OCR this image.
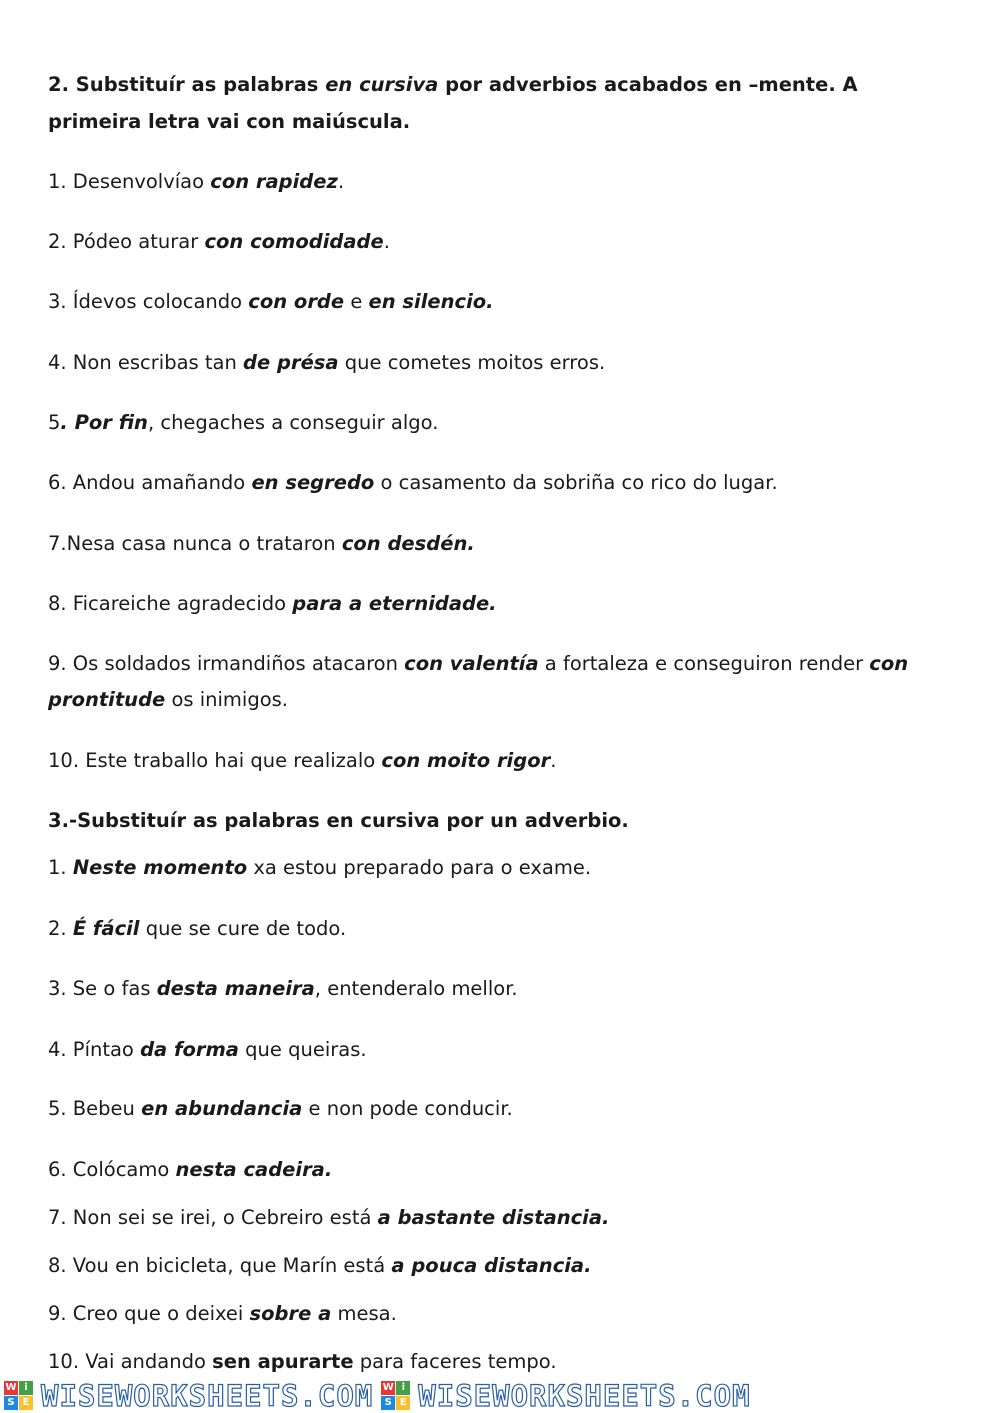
2. Substituír as palabras en cursiva por adverbios acabados en –mente. A
primeira letra vai con maiúscula.
1. Desenvolvíao con rapidez.
2. Pódeo aturar con comodidade.
3. Ídevos colocando con orde e en silencio.
4. Non escribas tan de présa que cometes moitos erros.
5. Por fin, chegaches a conseguir algo.
6. Andou amañando en segredo o casamento da sobriña co rico do lugar.
7.Nesa casa nunca o trataron con desdén.
8. Ficareiche agradecido para a eternidade.
9. Os soldados irmandiños atacaron con valentía a fortaleza e conseguiron render con
prontitude os inimigos.
10. Este traballo hai que realizalo con moito rigor.
3.-Substituír as palabras en cursiva por un adverbio.
1. Neste momento xa estou preparado para o exame.
2. É fácil que se cure de todo.
3. Se o fas desta maneira, entenderalo mellor.
4. Píntao da forma que queiras.
5. Bebeu en abundancia e non pode conducir.
6. Colócamo nesta cadeira.
7. Non sei se irei, o Cebreiro está a bastante distancia.
8. Vou en bicicleta, que Marín está a pouca distancia.
9. Creo que o deixei sobre a mesa.
10. Vai andando sen apurarte para faceres tempo.
W i
S E WISEWORKSHEETS.COM W i
S E WISEWORKSHEETS.COM
